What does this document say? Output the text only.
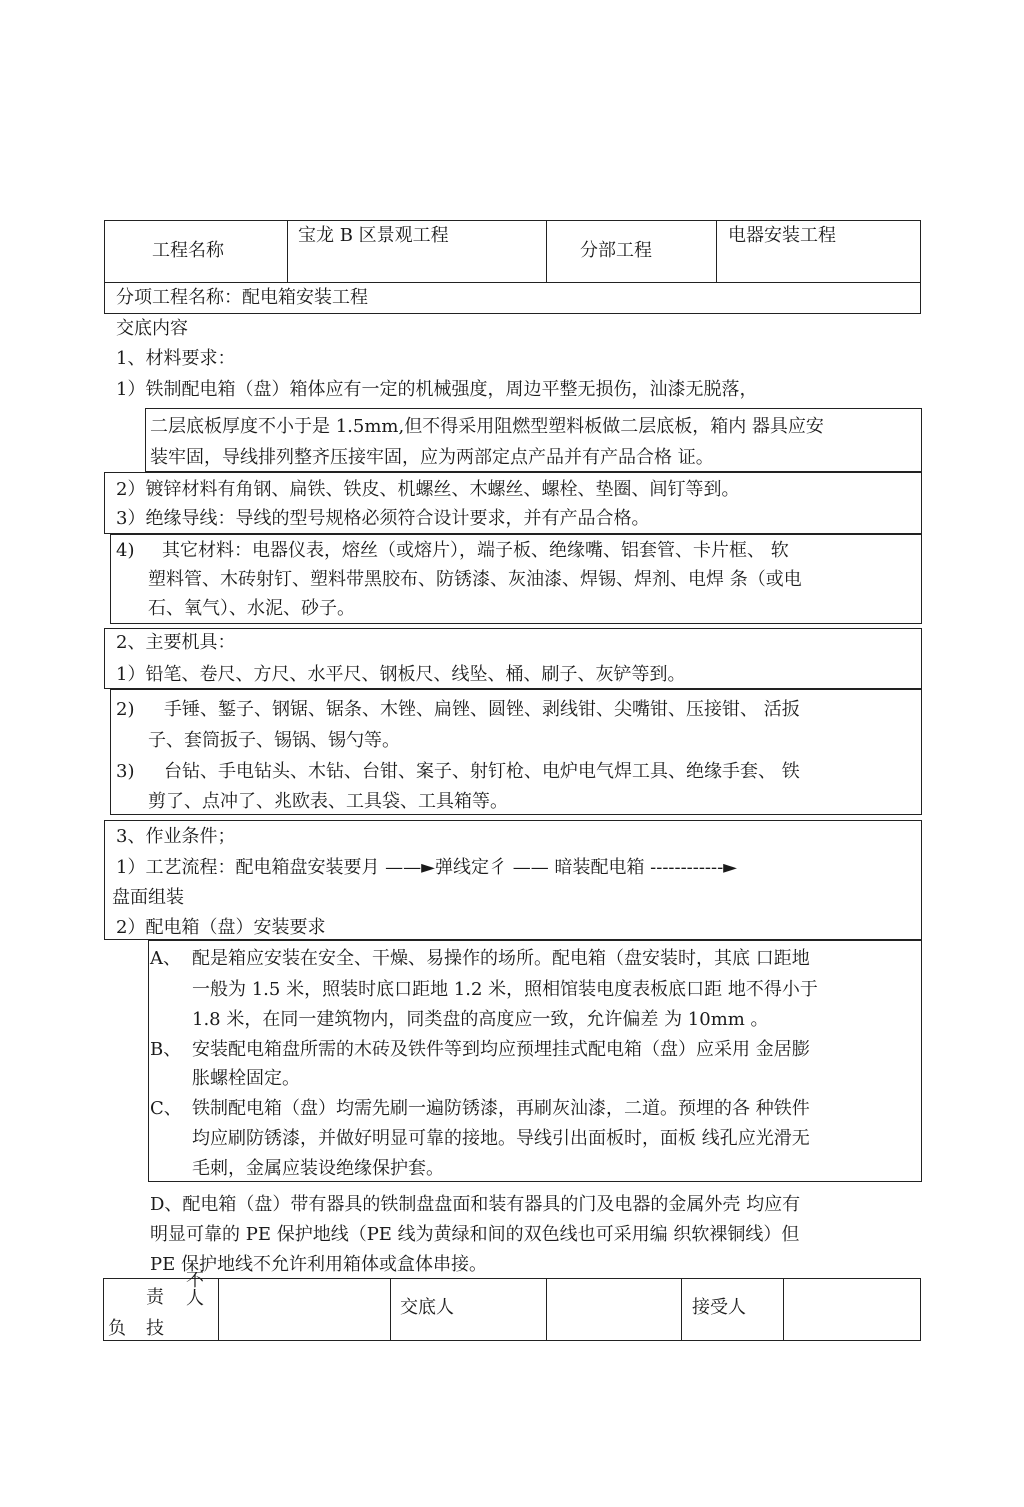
工程名称
宝龙 B 区景观工程
分部工程
电器安装工程
分项工程名称：配电箱安装工程
交底内容
1、材料要求：
1）铁制配电箱（盘）箱体应有一定的机械强度，周边平整无损伤，汕漆无脱落，
二层底板厚度不小于是 1.5mm,但不得采用阻燃型塑料板做二层底板，箱内 器具应安
装牢固，导线排列整齐压接牢固，应为两部定点产品并有产品合格 证。
2）镀锌材料有角钢、扁铁、铁皮、机螺丝、木螺丝、螺栓、垫圈、闾钉等到。
3）绝缘导线：导线的型号规格必须符合设计要求，并有产品合格。
4) 其它材料：电器仪表，熔丝（或熔片），端子板、绝缘嘴、铝套管、卡片框、 软
塑料管、木砖射钉、塑料带黑胶布、防锈漆、灰油漆、焊锡、焊剂、电焊 条（或电
石、氧气）、水泥、砂子。
2、主要机具：
1）铅笔、卷尺、方尺、水平尺、钢板尺、线坠、桶、刷子、灰铲等到。
2) 手锤、錾子、钢锯、锯条、木锉、扁锉、圆锉、剥线钳、尖嘴钳、压接钳、 活扳
子、套筒扳子、锡锅、锡勺等。
3) 台钻、手电钻头、木钻、台钳、案子、射钉枪、电炉电气焊工具、绝缘手套、 铁
剪了、点冲了、兆欧表、工具袋、工具箱等。
3、作业条件；
1）工艺流程：配电箱盘安装要月 ——►弹线定彳 —— 暗装配电箱 ------------►
盘面组装
2）配电箱（盘）安装要求
A、 配是箱应安装在安全、干燥、易操作的场所。配电箱（盘安装时，其底 口距地
一般为 1.5 米，照装时底口距地 1.2 米，照相馆装电度表板底口距 地不得小于
1.8 米，在同一建筑物内，同类盘的高度应一致，允许偏差 为 10mm 。
B、 安装配电箱盘所需的木砖及铁件等到均应预埋挂式配电箱（盘）应采用 金居膨
胀螺栓固定。
C、 铁制配电箱（盘）均需先刷一遍防锈漆，再刷灰汕漆，二道。预埋的各 种铁件
均应刷防锈漆，并做好明显可靠的接地。导线引出面板时，面板 线孔应光滑无
毛刺，金属应装设绝缘保护套。
D、配电箱（盘）带有器具的铁制盘盘面和装有器具的门及电器的金属外壳 均应有
明显可靠的 PE 保护地线（PE 线为黄绿和间的双色线也可采用编 织软裸铜线）但
PE 保护地线不允许利用箱体或盒体串接。
不
责 人
负 技
交底人	接受人
